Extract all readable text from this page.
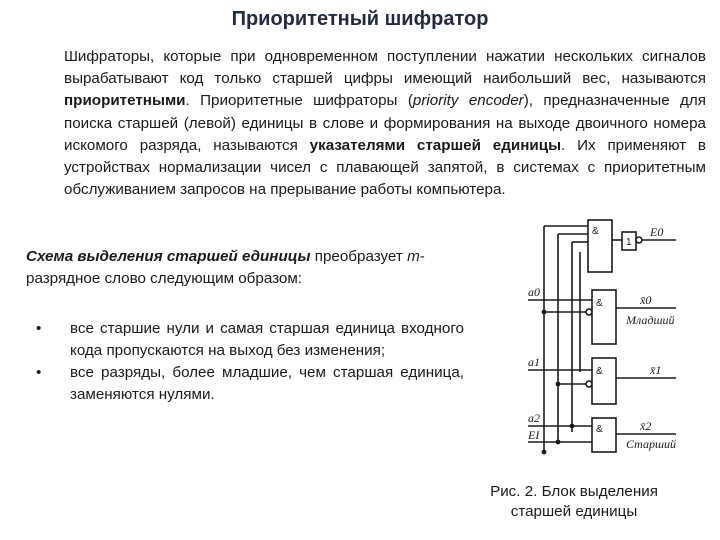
Приоритетный шифратор

Шифраторы, которые при одновременном поступлении нажатии нескольких сигналов вырабатывают код только старшей цифры имеющий наибольший вес, называются приоритетными. Приоритетные шифраторы (priority encoder), предназначенные для поиска старшей (левой) единицы в слове и формирования на выходе двоичного номера искомого разряда, называются указателями старшей единицы. Их применяют в устройствах нормализации чисел с плавающей запятой, в системах с приоритетным обслуживанием запросов на прерывание работы компьютера.

Схема выделения старшей единицы преобразует m-разрядное слово следующим образом:

• все старшие нули и самая старшая единица входного кода пропускаются на выход без изменения;
• все разряды, более младшие, чем старшая единица, заменяются нулями.
&
1
E0
a0
&	x̄0
Младший
a1
&	x̄1
a2
EI	&	x̄2
Старший
Рис. 2. Блок выделения
старшей единицы
